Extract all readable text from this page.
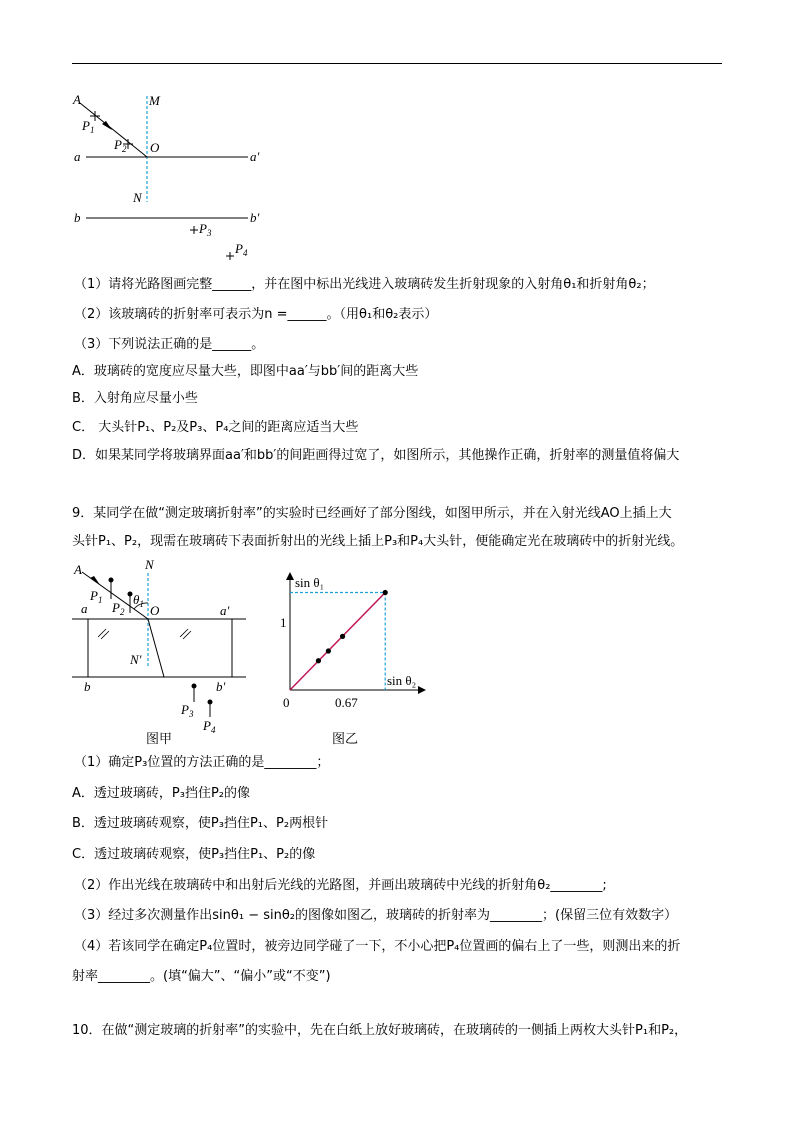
A	M
$P_1$
$P_2$ O
a	a′
N
b	b′
$P_3$
$P_4$
（1）请将光路图画完整______，并在图中标出光线进入玻璃砖发生折射现象的入射角θ₁和折射角θ₂；
（2）该玻璃砖的折射率可表示为n =______。（用θ₁和θ₂表示）
（3）下列说法正确的是______。
A．玻璃砖的宽度应尽量大些，即图中aa′与bb′间的距离大些
B．入射角应尽量小些
C． 大头针P₁、P₂及P₃、P₄之间的距离应适当大些
D．如果某同学将玻璃界面aa′和bb′的间距画得过宽了，如图所示，其他操作正确，折射率的测量值将偏大
9．某同学在做“测定玻璃折射率”的实验时已经画好了部分图线，如图甲所示，并在入射光线AO上插上大
头针P₁、P₂，现需在玻璃砖下表面折射出的光线上插上P₃和P₄大头针，便能确定光在玻璃砖中的折射光线。
A	N
$P_1$ $\theta_1$
a $P_2$ O	a′
N′
b	b′
$P_3$
$P_4$
图甲
sin θ₁
sin θ₂
1
0	0.67
图乙
（1）确定P₃位置的方法正确的是________；
A．透过玻璃砖，P₃挡住P₂的像
B．透过玻璃砖观察，使P₃挡住P₁、P₂两根针
C．透过玻璃砖观察，使P₃挡住P₁、P₂的像
（2）作出光线在玻璃砖中和出射后光线的光路图，并画出玻璃砖中光线的折射角θ₂________;
（3）经过多次测量作出sinθ₁ − sinθ₂的图像如图乙，玻璃砖的折射率为________；(保留三位有效数字）
（4）若该同学在确定P₄位置时，被旁边同学碰了一下，不小心把P₄位置画的偏右上了一些，则测出来的折
射率________。(填“偏大”、“偏小”或“不变”)
10．在做“测定玻璃的折射率”的实验中，先在白纸上放好玻璃砖，在玻璃砖的一侧插上两枚大头针P₁和P₂，
